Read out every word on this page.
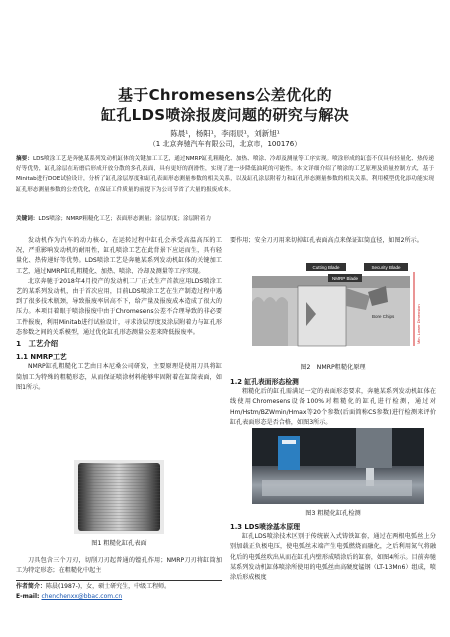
基于Chromesens公差优化的
缸孔LDS喷涂报废问题的研究与解决
陈晨¹，杨阳¹，李雨辰¹，刘新旭¹
（1 北京奔驰汽车有限公司，北京市，100176）
摘要：LDS喷涂工艺是奔驰某系列发动机缸体的关键加工工艺，通过NMRP缸孔粗糙化、加热、喷涂、冷却及测量等工序实现。喷涂形成的缸套不仅具有轻量化、热传递好等优势，缸孔涂层在珩磨后形成开放分散的多孔表面，具有更好的润滑性，实现了进一步降低油耗的可能性。本文详细介绍了喷涂的工艺原理及质量控制方式，基于Minitab进行DOE试验设计，分析了缸孔涂层厚度和缸孔表面形态测量参数的相关关系，以及缸孔涂层附着力和缸孔形态测量参数的相关关系，利用模型优化添功能实现缸孔形态测量参数的公差优化，在保证工件质量的前提下为公司节省了大量的报废成本。
关键词：LDS喷涂；NMRP粗糙化工艺；表面形态测量；涂层厚度；涂层附着力

发动机作为汽车的动力核心，在运转过程中缸孔会承受高温高压的工况，严重影响发动机的耐用性，缸孔喷涂工艺在此背景下应运而生，具有轻量化、热传递好等优势。LDS喷涂工艺是奔驰某系列发动机缸体的关键加工工艺，通过NMRP缸孔粗糙化、加热、喷涂、冷却及测量等工序实现。

北京奔驰于2018年4月投产的发动机二厂正式生产首款应用LDS喷涂工艺的某系列发动机，由于首次应用，目前LDS喷涂工艺在生产制造过程中遇到了很多技术瓶颈，导致报废率居高不下，给产量及报废成本造成了很大的压力。本项目着眼于喷涂报废中由于Chromesens公差不合理导致的非必要工件报废，利用Minitab进行试验设计，寻求涂层厚度及涂层附着力与缸孔形态参数之间的关系模型，通过优化缸孔形态测量公差来降低报废率。

1　工艺介绍
1.1 NMRP工艺

NMRP缸孔粗糙化工艺由日本尼桑公司研发，主要原理是使用刀具将缸筒加工为特殊的粗糙形态，从而保证喷涂材料能够牢固附着在缸筒表面，如图1所示。

图1 粗糙化缸孔表面

刀具包含三个刀刃，切削刀刃起普通的镗孔作用；NMRP刀刃将缸筒加工为特定形态；在粗糙化中起主

作者简介：陈晨(1987-)，女，硕士研究生，中级工程师。
E-mail: chenchenxx@bbac.com.cn

要作用；安全刀刃用来切掉缸孔表面高点来保证缸筒直径，如图2所示。

Cutting Blade	Security Blade
NMRP Blade
Bore Chips	Min. Lower Dimension
图2　NMRP粗糙化原理
1.2 缸孔表面形态检测

粗糙化后的缸孔需满足一定的表面形态要求，奔驰某系列发动机缸体在线使用Chromesens设备100%对粗糙化的缸孔进行检测，通过对Hm/Hstm/BZWmin/Hmax等20个参数(后面简称CS参数)进行检测来评价缸孔表面形态是否合格，如图3所示。

图3 粗糙化缸孔检测
1.3 LDS喷涂基本原理

缸孔LDS喷涂技术区别于传统嵌入式铸铁缸套，通过在两根电弧丝上分别加载正负极电压，使电弧丝末端产生电弧燃烧而融化，之后利用氮气将融化后的电弧丝吹出从而在缸孔内壁形成喷涂后的缸套，如图4所示。目前奔驰某系列发动机缸体喷涂所使用的电弧丝由高硬度锰钢（LT-13Mn6）组成，喷涂后形成极度
